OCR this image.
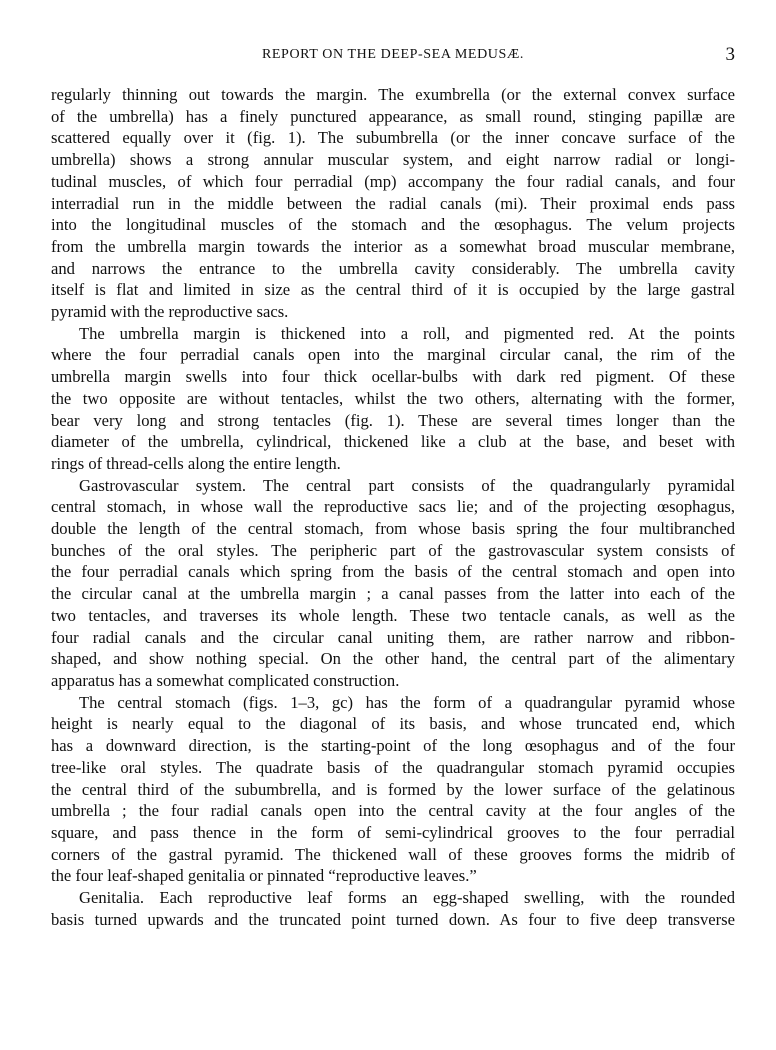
REPORT ON THE DEEP-SEA MEDUSÆ.	3

regularly thinning out towards the margin. The exumbrella (or the external convex surface
of the umbrella) has a finely punctured appearance, as small round, stinging papillæ are
scattered equally over it (fig. 1). The subumbrella (or the inner concave surface of the
umbrella) shows a strong annular muscular system, and eight narrow radial or longi-
tudinal muscles, of which four perradial (mp) accompany the four radial canals, and four
interradial run in the middle between the radial canals (mi). Their proximal ends pass
into the longitudinal muscles of the stomach and the œsophagus. The velum projects
from the umbrella margin towards the interior as a somewhat broad muscular membrane,
and narrows the entrance to the umbrella cavity considerably. The umbrella cavity
itself is flat and limited in size as the central third of it is occupied by the large gastral
pyramid with the reproductive sacs.

The umbrella margin is thickened into a roll, and pigmented red. At the points
where the four perradial canals open into the marginal circular canal, the rim of the
umbrella margin swells into four thick ocellar-bulbs with dark red pigment. Of these
the two opposite are without tentacles, whilst the two others, alternating with the former,
bear very long and strong tentacles (fig. 1). These are several times longer than the
diameter of the umbrella, cylindrical, thickened like a club at the base, and beset with
rings of thread-cells along the entire length.

Gastrovascular system. The central part consists of the quadrangularly pyramidal
central stomach, in whose wall the reproductive sacs lie; and of the projecting œsophagus,
double the length of the central stomach, from whose basis spring the four multibranched
bunches of the oral styles. The peripheric part of the gastrovascular system consists of
the four perradial canals which spring from the basis of the central stomach and open into
the circular canal at the umbrella margin ; a canal passes from the latter into each of the
two tentacles, and traverses its whole length. These two tentacle canals, as well as the
four radial canals and the circular canal uniting them, are rather narrow and ribbon-
shaped, and show nothing special. On the other hand, the central part of the alimentary
apparatus has a somewhat complicated construction.

The central stomach (figs. 1–3, gc) has the form of a quadrangular pyramid whose
height is nearly equal to the diagonal of its basis, and whose truncated end, which
has a downward direction, is the starting-point of the long œsophagus and of the four
tree-like oral styles. The quadrate basis of the quadrangular stomach pyramid occupies
the central third of the subumbrella, and is formed by the lower surface of the gelatinous
umbrella ; the four radial canals open into the central cavity at the four angles of the
square, and pass thence in the form of semi-cylindrical grooves to the four perradial
corners of the gastral pyramid. The thickened wall of these grooves forms the midrib of
the four leaf-shaped genitalia or pinnated “reproductive leaves.”

Genitalia. Each reproductive leaf forms an egg-shaped swelling, with the rounded
basis turned upwards and the truncated point turned down. As four to five deep transverse
